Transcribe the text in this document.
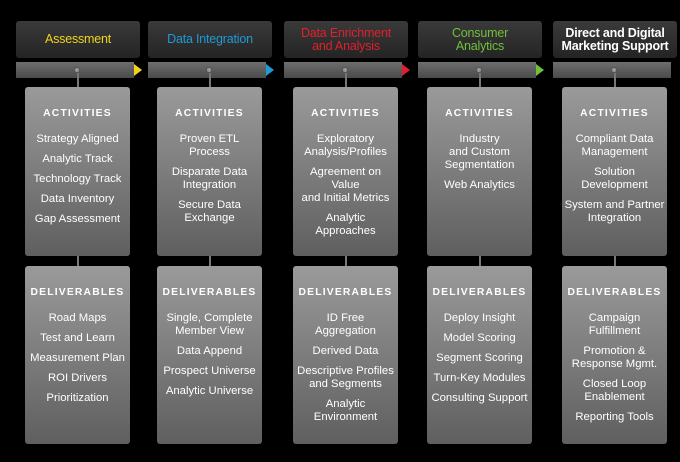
Assessment
ACTIVITIES
Strategy Aligned
Analytic Track
Technology Track
Data Inventory
Gap Assessment
DELIVERABLES
Road Maps
Test and Learn
Measurement Plan
ROI Drivers
Prioritization
Data Integration
ACTIVITIES
Proven ETL
Process
Disparate Data
Integration
Secure Data
Exchange
DELIVERABLES
Single, Complete
Member View
Data Append
Prospect Universe
Analytic Universe
Data Enrichment
and Analysis
ACTIVITIES
Exploratory
Analysis/Profiles
Agreement on Value
and Initial Metrics
Analytic
Approaches
DELIVERABLES
ID Free Aggregation
Derived Data
Descriptive Profiles
and Segments
Analytic
Environment
Consumer
Analytics
ACTIVITIES
Industry
and Custom
Segmentation
Web Analytics
DELIVERABLES
Deploy Insight
Model Scoring
Segment Scoring
Turn-Key Modules
Consulting Support
Direct and Digital
Marketing Support
ACTIVITIES
Compliant Data
Management
Solution
Development
System and Partner
Integration
DELIVERABLES
Campaign
Fulfillment
Promotion &
Response Mgmt.
Closed Loop
Enablement
Reporting Tools
